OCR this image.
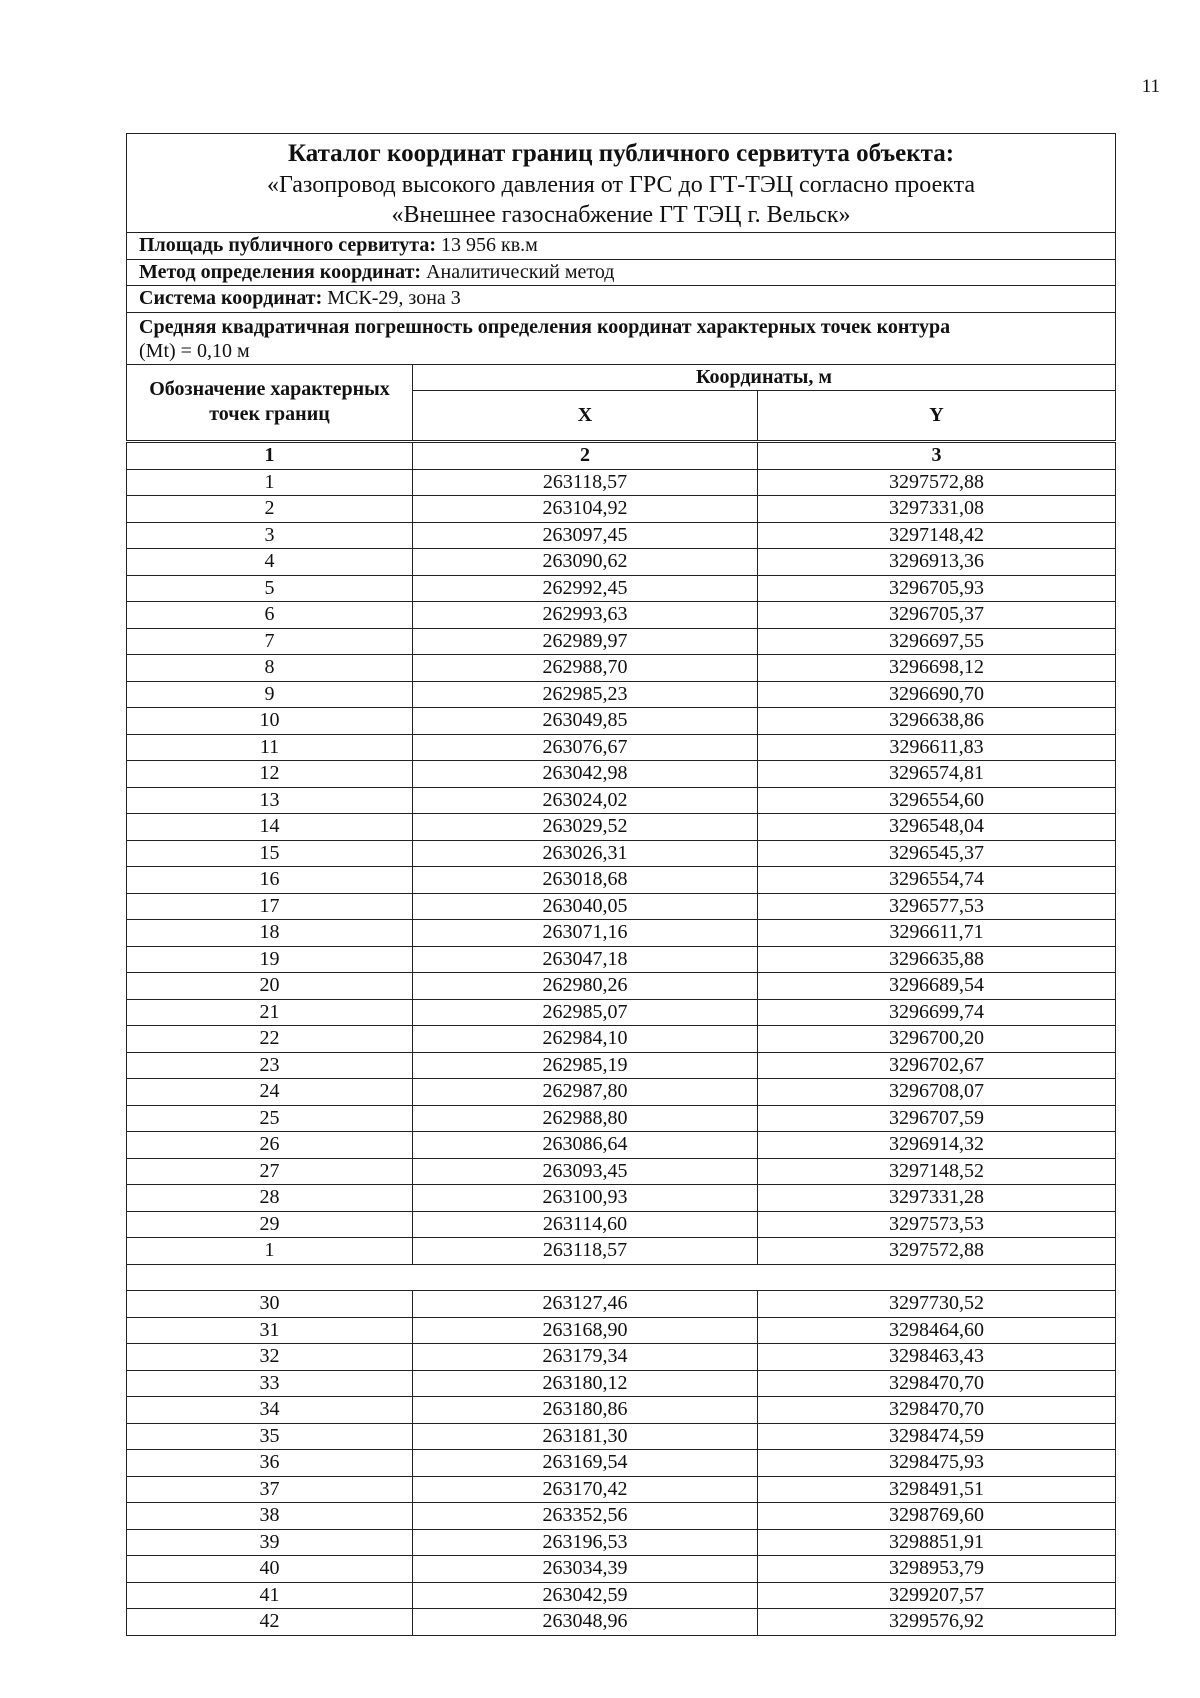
11
Каталог координат границ публичного сервитута объекта:
«Газопровод высокого давления от ГРС до ГТ-ТЭЦ согласно проекта
«Внешнее газоснабжение ГТ ТЭЦ г. Вельск»		

Площадь публичного сервитута: 13 956 кв.м		
Метод определения координат: Аналитический метод		
Система координат: МСК-29, зона 3		

Средняя квадратичная погрешность определения координат характерных точек контура
(Mt) = 0,10 м		

Обозначение характерных точек границ	Координаты, м	
	X	Y
1	2	3
1	263118,57	3297572,88
2	263104,92	3297331,08
3	263097,45	3297148,42
4	263090,62	3296913,36
5	262992,45	3296705,93
6	262993,63	3296705,37
7	262989,97	3296697,55
8	262988,70	3296698,12
9	262985,23	3296690,70
10	263049,85	3296638,86
11	263076,67	3296611,83
12	263042,98	3296574,81
13	263024,02	3296554,60
14	263029,52	3296548,04
15	263026,31	3296545,37
16	263018,68	3296554,74
17	263040,05	3296577,53
18	263071,16	3296611,71
19	263047,18	3296635,88
20	262980,26	3296689,54
21	262985,07	3296699,74
22	262984,10	3296700,20
23	262985,19	3296702,67
24	262987,80	3296708,07
25	262988,80	3296707,59
26	263086,64	3296914,32
27	263093,45	3297148,52
28	263100,93	3297331,28
29	263114,60	3297573,53
1	263118,57	3297572,88

30	263127,46	3297730,52
31	263168,90	3298464,60
32	263179,34	3298463,43
33	263180,12	3298470,70
34	263180,86	3298470,70
35	263181,30	3298474,59
36	263169,54	3298475,93
37	263170,42	3298491,51
38	263352,56	3298769,60
39	263196,53	3298851,91
40	263034,39	3298953,79
41	263042,59	3299207,57
42	263048,96	3299576,92
